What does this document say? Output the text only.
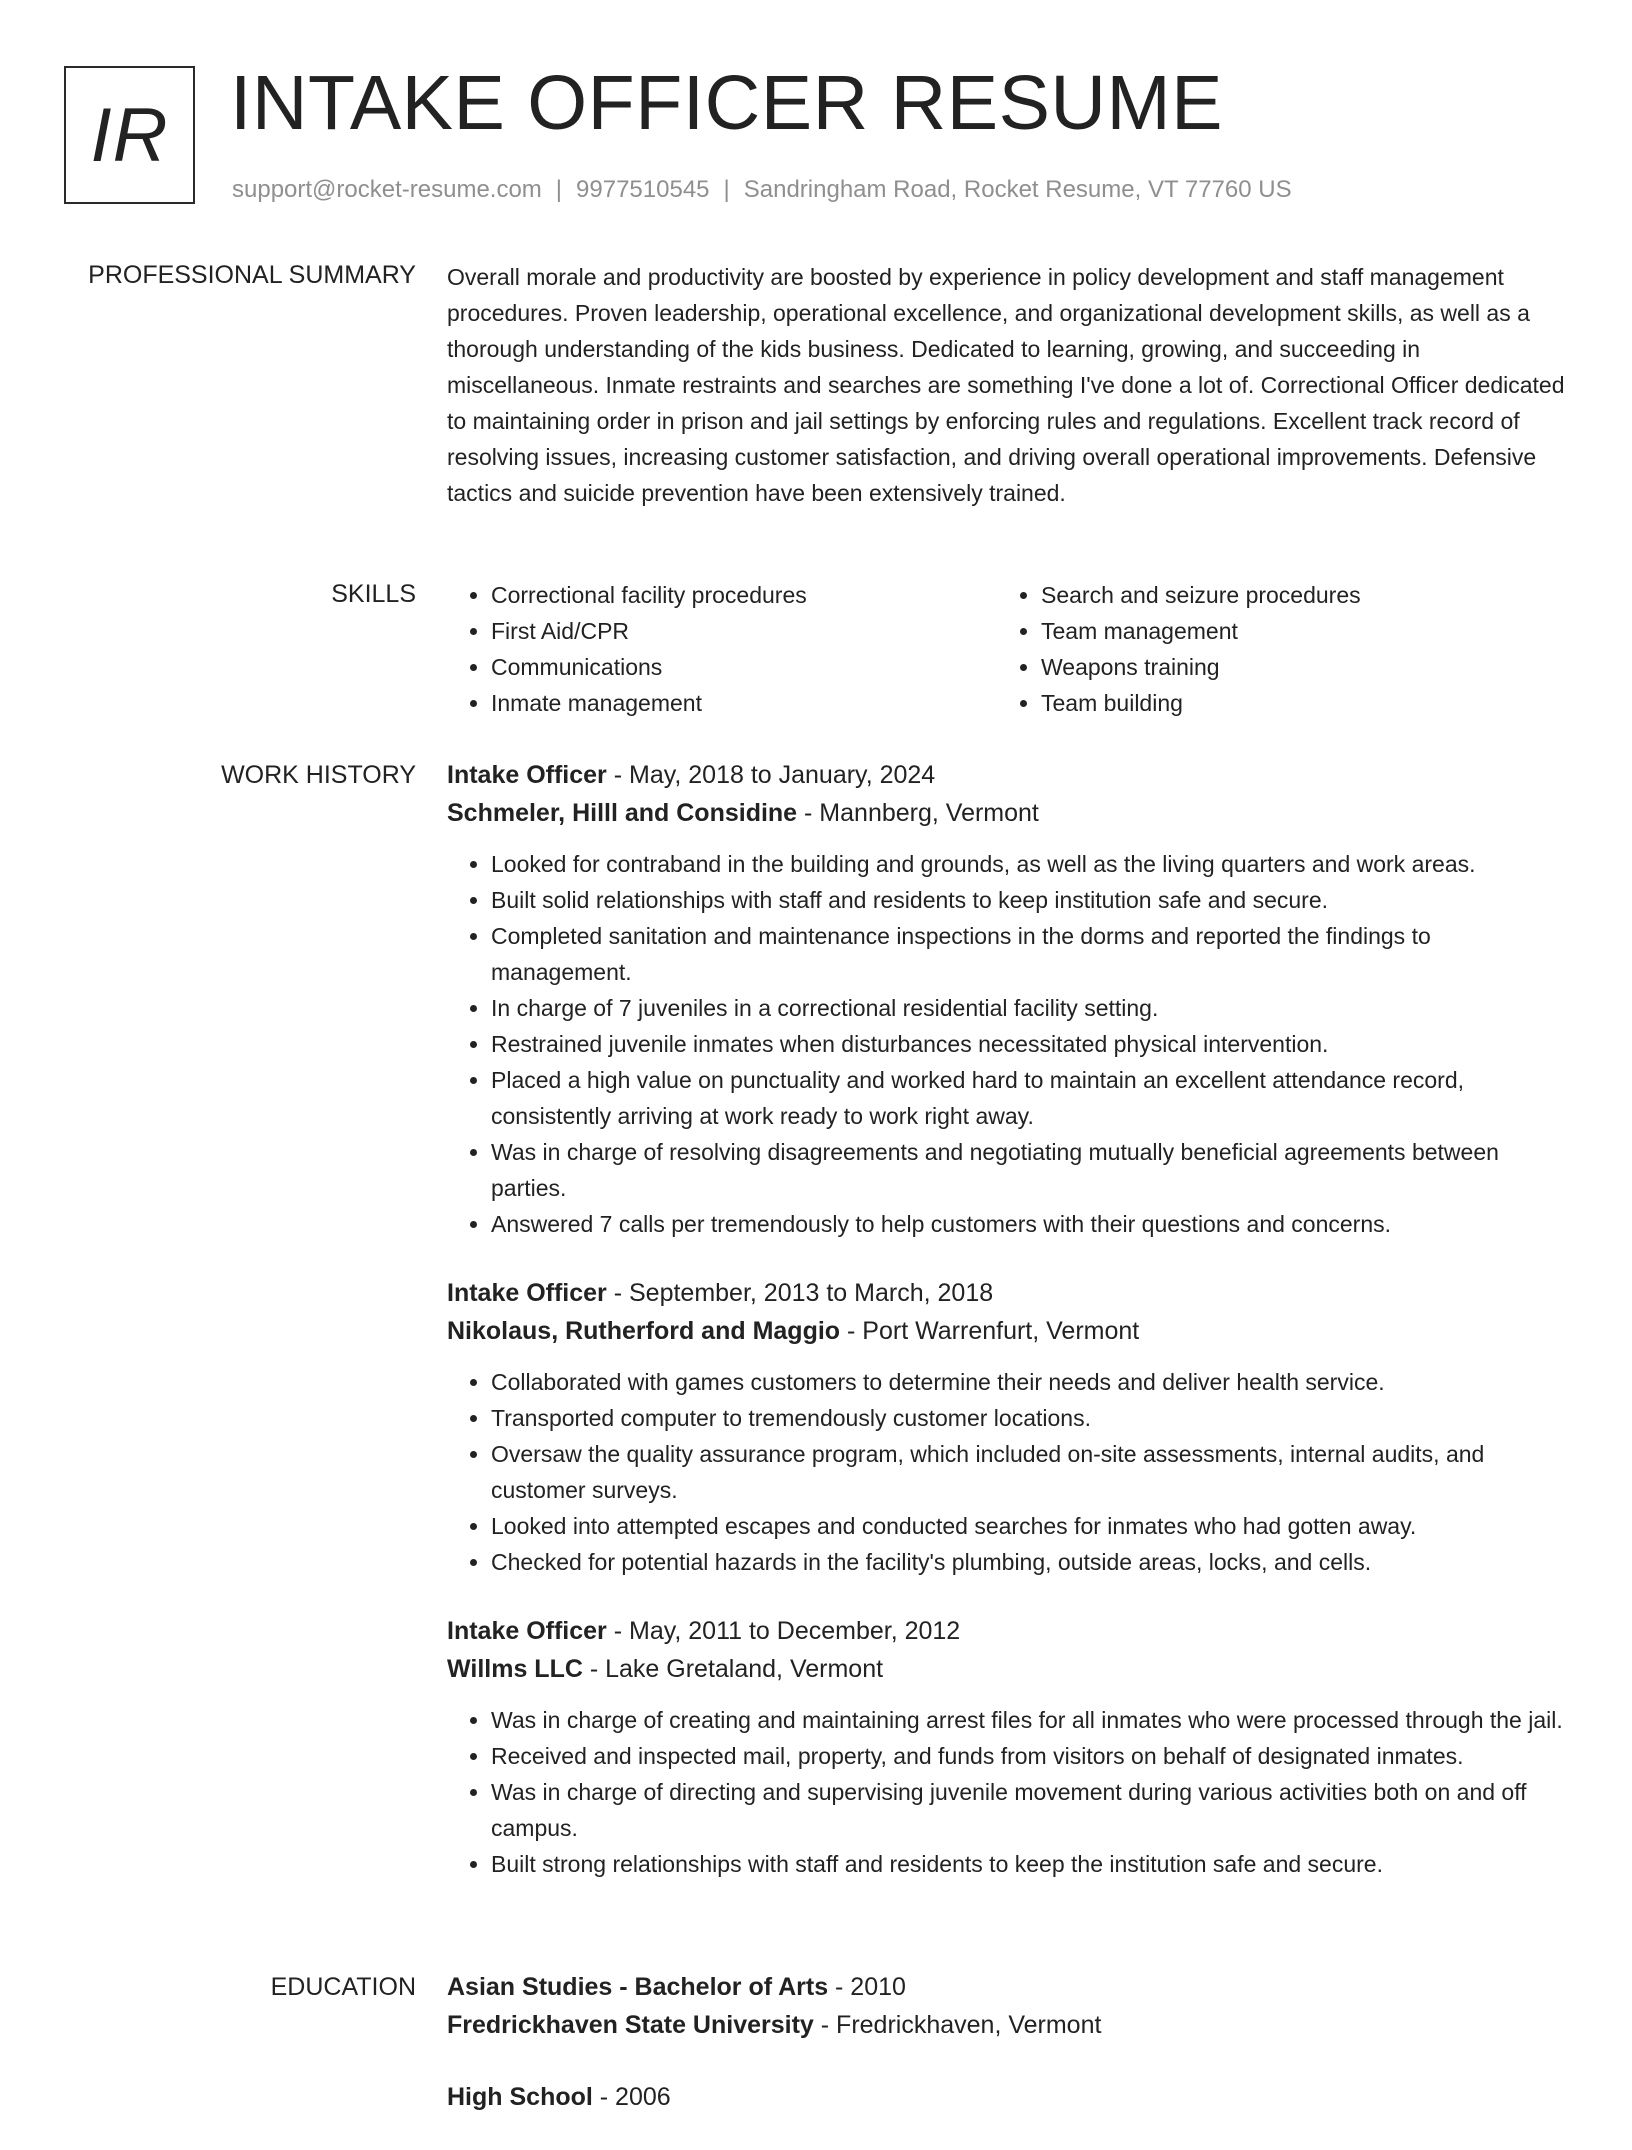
IR INTAKE OFFICER RESUME
support@rocket-resume.com | 9977510545 | Sandringham Road, Rocket Resume, VT 77760 US
PROFESSIONAL SUMMARY Overall morale and productivity are boosted by experience in policy development and staff management procedures. Proven leadership, operational excellence, and organizational development skills, as well as a thorough understanding of the kids business. Dedicated to learning, growing, and succeeding in miscellaneous. Inmate restraints and searches are something I've done a lot of. Correctional Officer dedicated to maintaining order in prison and jail settings by enforcing rules and regulations. Excellent track record of resolving issues, increasing customer satisfaction, and driving overall operational improvements. Defensive tactics and suicide prevention have been extensively trained.

SKILLS
•	Correctional facility procedures
• First Aid/CPR
• Communications
• Inmate management
• Search and seizure procedures
• Team management
• Weapons training
• Team building
WORK HISTORY Intake Officer - May, 2018 to January, 2024
Schmeler, Hilll and Considine - Mannberg, Vermont
• Looked for contraband in the building and grounds, as well as the living quarters and work areas.
• Built solid relationships with staff and residents to keep institution safe and secure.
• Completed sanitation and maintenance inspections in the dorms and reported the findings to management.
• In charge of 7 juveniles in a correctional residential facility setting.
• Restrained juvenile inmates when disturbances necessitated physical intervention.
• Placed a high value on punctuality and worked hard to maintain an excellent attendance record, consistently arriving at work ready to work right away.
• Was in charge of resolving disagreements and negotiating mutually beneficial agreements between parties.
• Answered 7 calls per tremendously to help customers with their questions and concerns.
Intake Officer - September, 2013 to March, 2018
Nikolaus, Rutherford and Maggio - Port Warrenfurt, Vermont
• Collaborated with games customers to determine their needs and deliver health service.
• Transported computer to tremendously customer locations.
• Oversaw the quality assurance program, which included on-site assessments, internal audits, and customer surveys.
• Looked into attempted escapes and conducted searches for inmates who had gotten away.
• Checked for potential hazards in the facility's plumbing, outside areas, locks, and cells.
Intake Officer - May, 2011 to December, 2012
Willms LLC - Lake Gretaland, Vermont
• Was in charge of creating and maintaining arrest files for all inmates who were processed through the jail.
• Received and inspected mail, property, and funds from visitors on behalf of designated inmates.
• Was in charge of directing and supervising juvenile movement during various activities both on and off campus.
• Built strong relationships with staff and residents to keep the institution safe and secure.
EDUCATION Asian Studies - Bachelor of Arts - 2010
Fredrickhaven State University - Fredrickhaven, Vermont
High School - 2006
